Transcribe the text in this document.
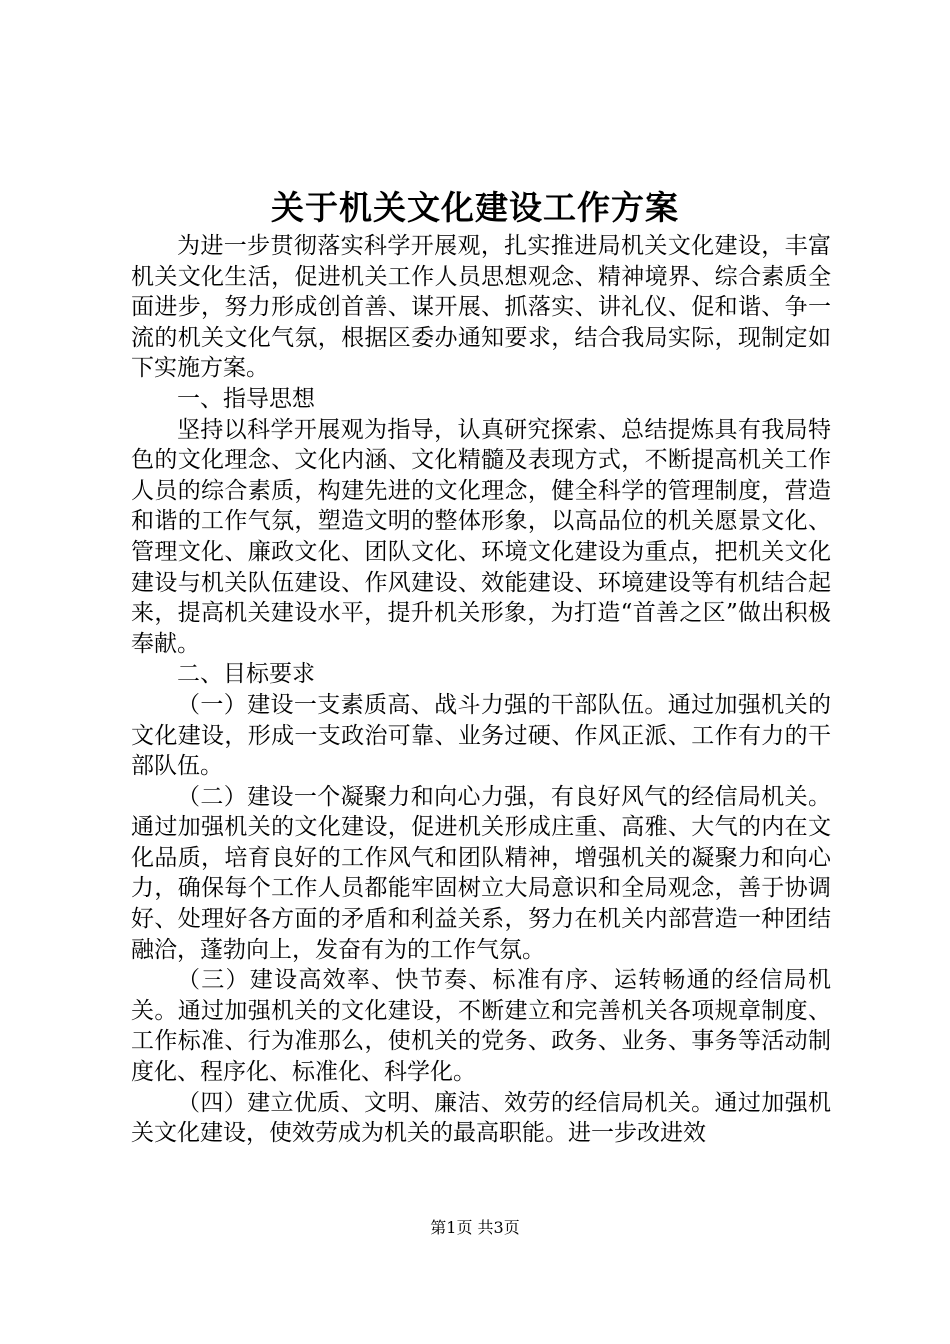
关于机关文化建设工作方案

为进一步贯彻落实科学开展观，扎实推进局机关文化建设，丰富机关文化生活，促进机关工作人员思想观念、精神境界、综合素质全面进步，努力形成创首善、谋开展、抓落实、讲礼仪、促和谐、争一流的机关文化气氛，根据区委办通知要求，结合我局实际，现制定如下实施方案。

一、指导思想

坚持以科学开展观为指导，认真研究探索、总结提炼具有我局特色的文化理念、文化内涵、文化精髓及表现方式，不断提高机关工作人员的综合素质，构建先进的文化理念，健全科学的管理制度，营造和谐的工作气氛，塑造文明的整体形象，以高品位的机关愿景文化、管理文化、廉政文化、团队文化、环境文化建设为重点，把机关文化建设与机关队伍建设、作风建设、效能建设、环境建设等有机结合起来，提高机关建设水平，提升机关形象，为打造“首善之区”做出积极奉献。

二、目标要求

（一）建设一支素质高、战斗力强的干部队伍。通过加强机关的文化建设，形成一支政治可靠、业务过硬、作风正派、工作有力的干部队伍。

（二）建设一个凝聚力和向心力强，有良好风气的经信局机关。通过加强机关的文化建设，促进机关形成庄重、高雅、大气的内在文化品质，培育良好的工作风气和团队精神，增强机关的凝聚力和向心力，确保每个工作人员都能牢固树立大局意识和全局观念，善于协调好、处理好各方面的矛盾和利益关系，努力在机关内部营造一种团结融洽，蓬勃向上，发奋有为的工作气氛。

（三）建设高效率、快节奏、标准有序、运转畅通的经信局机关。通过加强机关的文化建设，不断建立和完善机关各项规章制度、工作标准、行为准那么，使机关的党务、政务、业务、事务等活动制度化、程序化、标准化、科学化。

（四）建立优质、文明、廉洁、效劳的经信局机关。通过加强机关文化建设，使效劳成为机关的最高职能。进一步改进效

第1页 共3页
